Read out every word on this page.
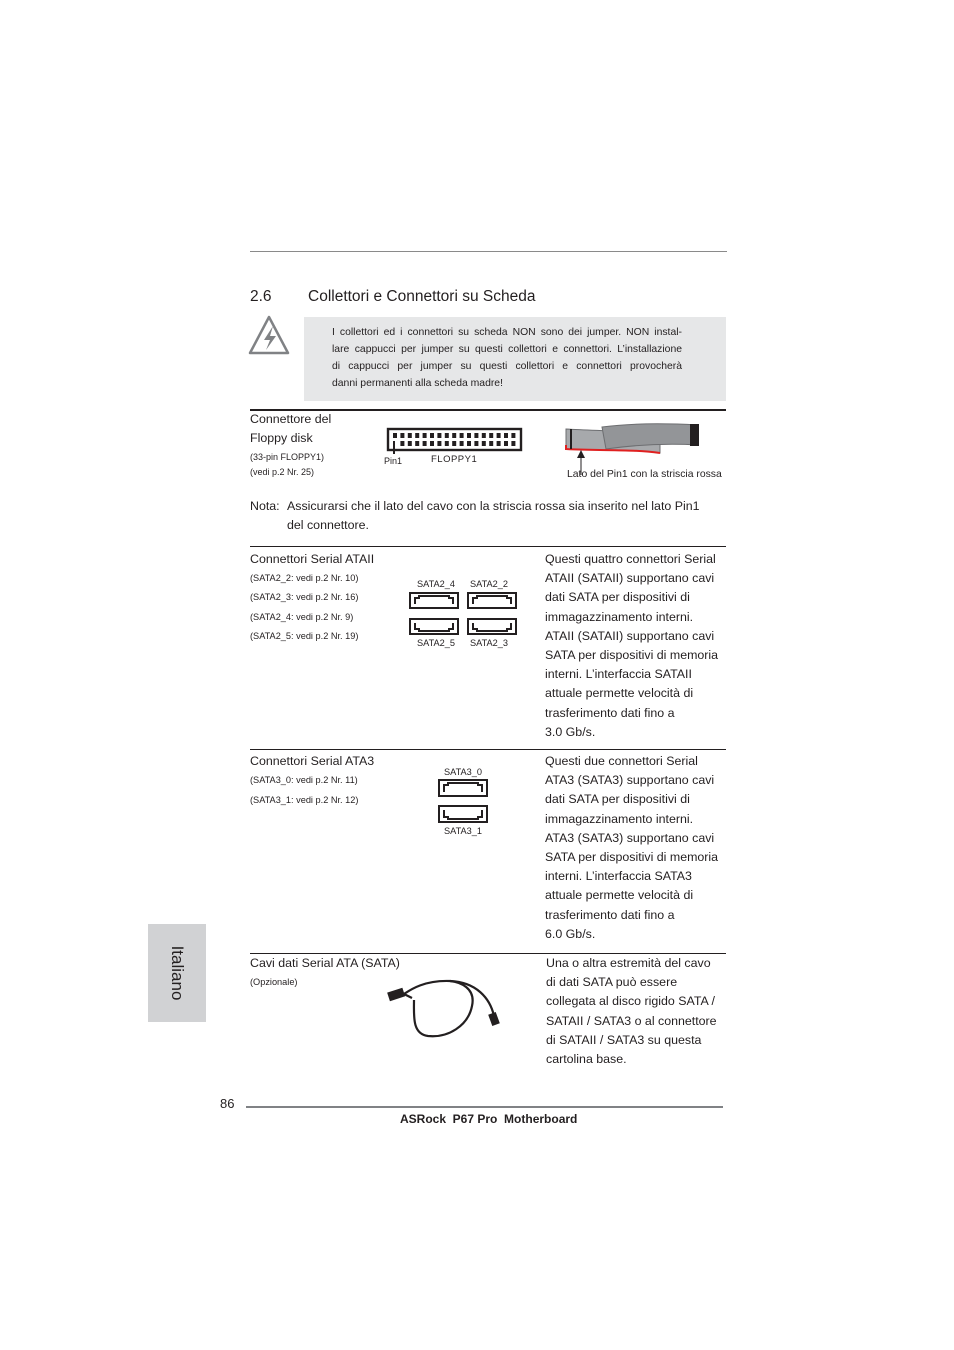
2.6 Collettori e Connettori su Scheda
I collettori ed i connettori su scheda NON sono dei jumper. NON instal-
lare cappucci per jumper su questi collettori e connettori. L’installazione
di cappucci per jumper su questi collettori e connettori provocherà
danni permanenti alla scheda madre!
Connettore del
Floppy disk
(33-pin FLOPPY1)
(vedi p.2 Nr. 25)
Pin1	FLOPPY1
Lato del Pin1 con la striscia rossa
Nota: Assicurarsi che il lato del cavo con la striscia rossa sia inserito nel lato Pin1
del connettore.
Connettori Serial ATAII
(SATA2_2: vedi p.2 Nr. 10)
(SATA2_3: vedi p.2 Nr. 16)
(SATA2_4: vedi p.2 Nr. 9)
(SATA2_5: vedi p.2 Nr. 19)
SATA2_4 SATA2_2
SATA2_5 SATA2_3
Questi quattro connettori Serial
ATAII (SATAII) supportano cavi
dati SATA per dispositivi di
immagazzinamento interni.
ATAII (SATAII) supportano cavi
SATA per dispositivi di memoria
interni. L’interfaccia SATAII
attuale permette velocità di
trasferimento dati fino a
3.0 Gb/s.
Connettori Serial ATA3
(SATA3_0: vedi p.2 Nr. 11)
(SATA3_1: vedi p.2 Nr. 12)
SATA3_0
SATA3_1
Questi due connettori Serial
ATA3 (SATA3) supportano cavi
dati SATA per dispositivi di
immagazzinamento interni.
ATA3 (SATA3) supportano cavi
SATA per dispositivi di memoria
interni. L’interfaccia SATA3
attuale permette velocità di
trasferimento dati fino a
6.0 Gb/s.
Cavi dati Serial ATA (SATA)
(Opzionale)
Una o altra estremità del cavo
di dati SATA può essere
collegata al disco rigido SATA /
SATAII / SATA3 o al connettore
di SATAII / SATA3 su questa
cartolina base.
Italiano
86
ASRock  P67 Pro  Motherboard
